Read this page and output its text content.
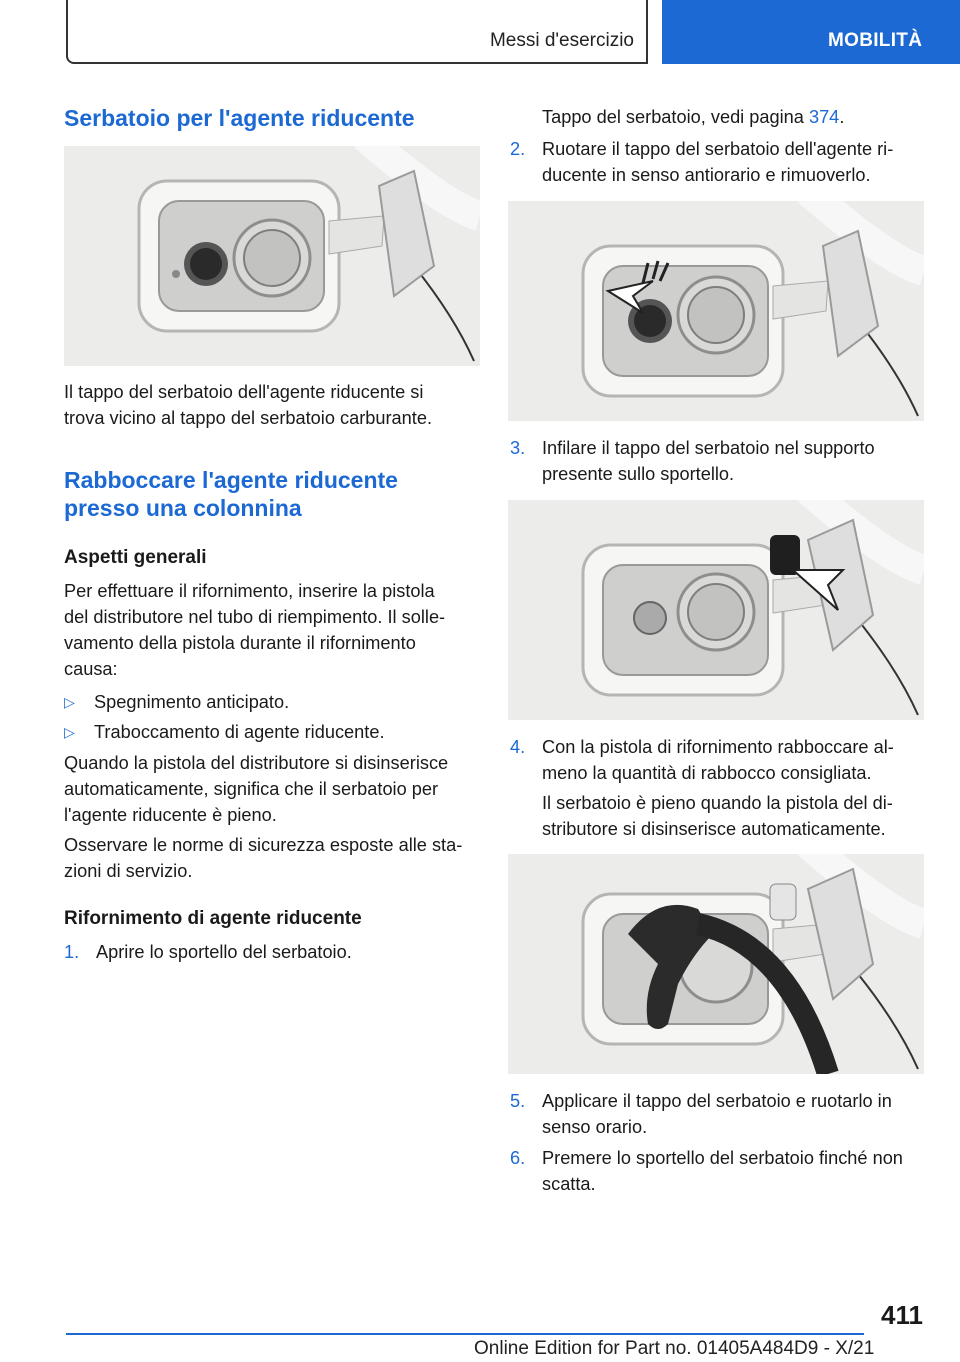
Messi d'esercizio	MOBILITÀ
Serbatoio per l'agente riducente

Il tappo del serbatoio dell'agente riducente si

trova vicino al tappo del serbatoio carburante.

Rabboccare l'agente riducente
presso una colonnina
Aspetti generali

Per effettuare il rifornimento, inserire la pistola

del distributore nel tubo di riempimento. Il solle‐

vamento della pistola durante il rifornimento

causa:

▷ Spegnimento anticipato.
▷ Traboccamento di agente riducente.

Quando la pistola del distributore si disinserisce

automaticamente, significa che il serbatoio per

l'agente riducente è pieno.

Osservare le norme di sicurezza esposte alle sta‐

zioni di servizio.

Rifornimento di agente riducente
1. Aprire lo sportello del serbatoio.

Tappo del serbatoio, vedi pagina 374.

2. Ruotare il tappo del serbatoio dell'agente ri‐
ducente in senso antiorario e rimuoverlo.
3. Infilare il tappo del serbatoio nel supporto
presente sullo sportello.
4. Con la pistola di rifornimento rabboccare al‐
meno la quantità di rabbocco consigliata.

Il serbatoio è pieno quando la pistola del di‐

stributore si disinserisce automaticamente.

5. Applicare il tappo del serbatoio e ruotarlo in
senso orario.
6. Premere lo sportello del serbatoio finché non
scatta.
411
Online Edition for Part no. 01405A484D9 - X/21
